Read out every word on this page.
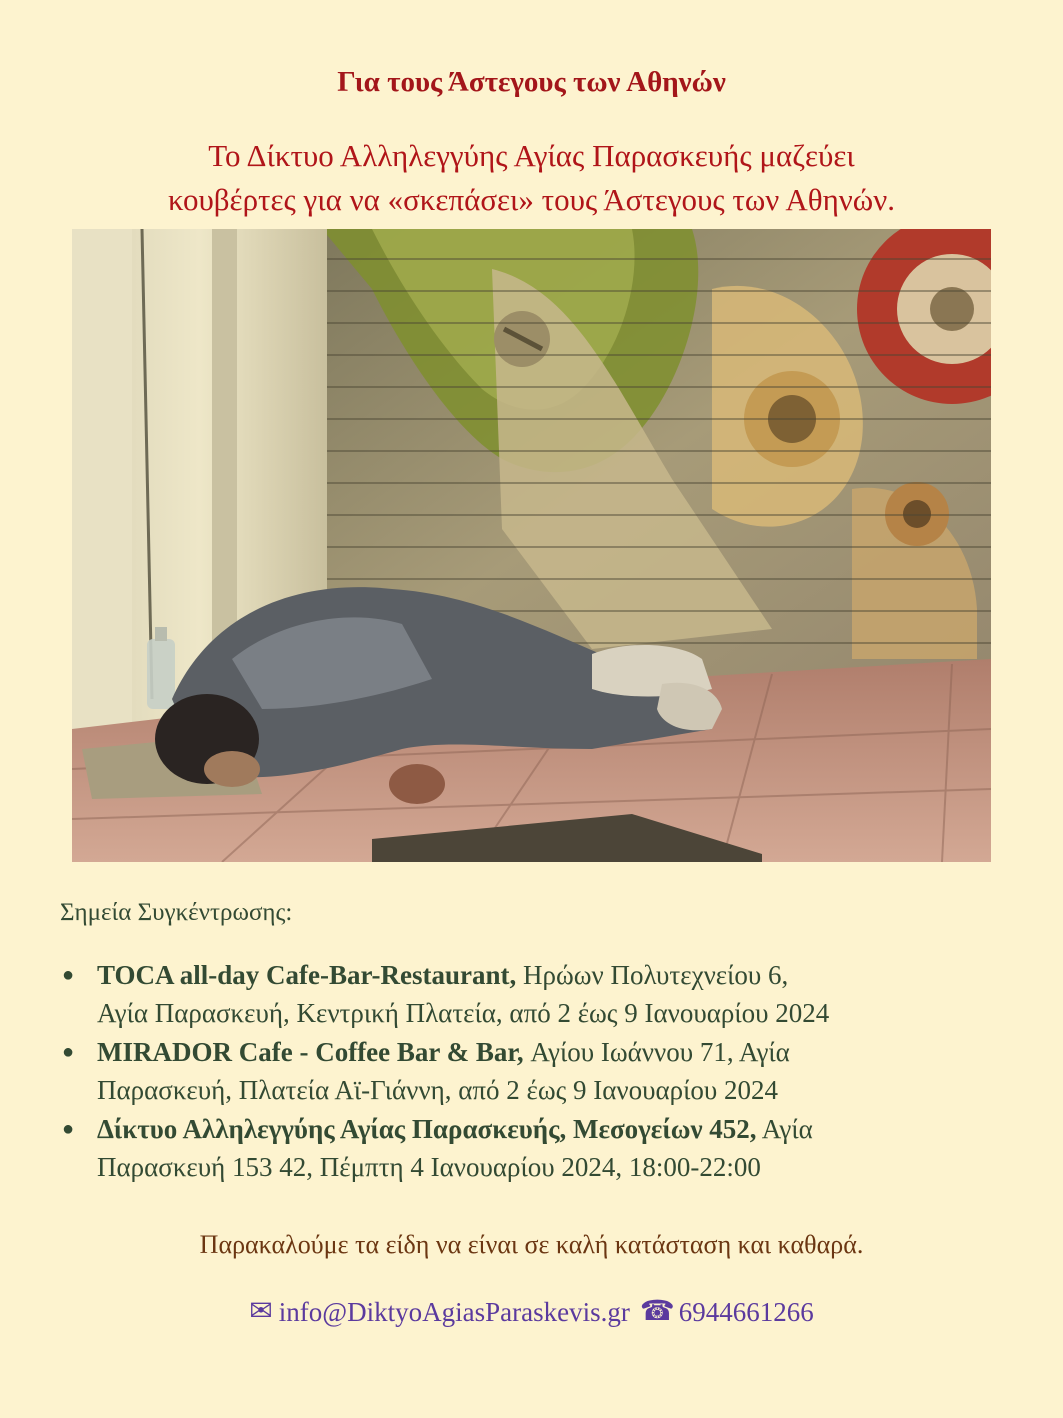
Για τους Άστεγους των Αθηνών
Το Δίκτυο Αλληλεγγύης Αγίας Παρασκευής μαζεύει
κουβέρτες για να «σκεπάσει» τους Άστεγους των Αθηνών.
Σημεία Συγκέντρωσης:
● TOCA all-day Cafe-Bar-Restaurant, Ηρώων Πολυτεχνείου 6,
Αγία Παρασκευή, Κεντρική Πλατεία, από 2 έως 9 Ιανουαρίου 2024
● MIRADOR Cafe - Coffee Bar & Bar, Αγίου Ιωάννου 71, Αγία
Παρασκευή, Πλατεία Αϊ-Γιάννη, από 2 έως 9 Ιανουαρίου 2024
● Δίκτυο Αλληλεγγύης Αγίας Παρασκευής, Μεσογείων 452, Αγία
Παρασκευή 153 42, Πέμπτη 4 Ιανουαρίου 2024, 18:00-22:00
Παρακαλούμε τα είδη να είναι σε καλή κατάσταση και καθαρά.
✉ info@DiktyoAgiasParaskevis.gr ☎ 6944661266
